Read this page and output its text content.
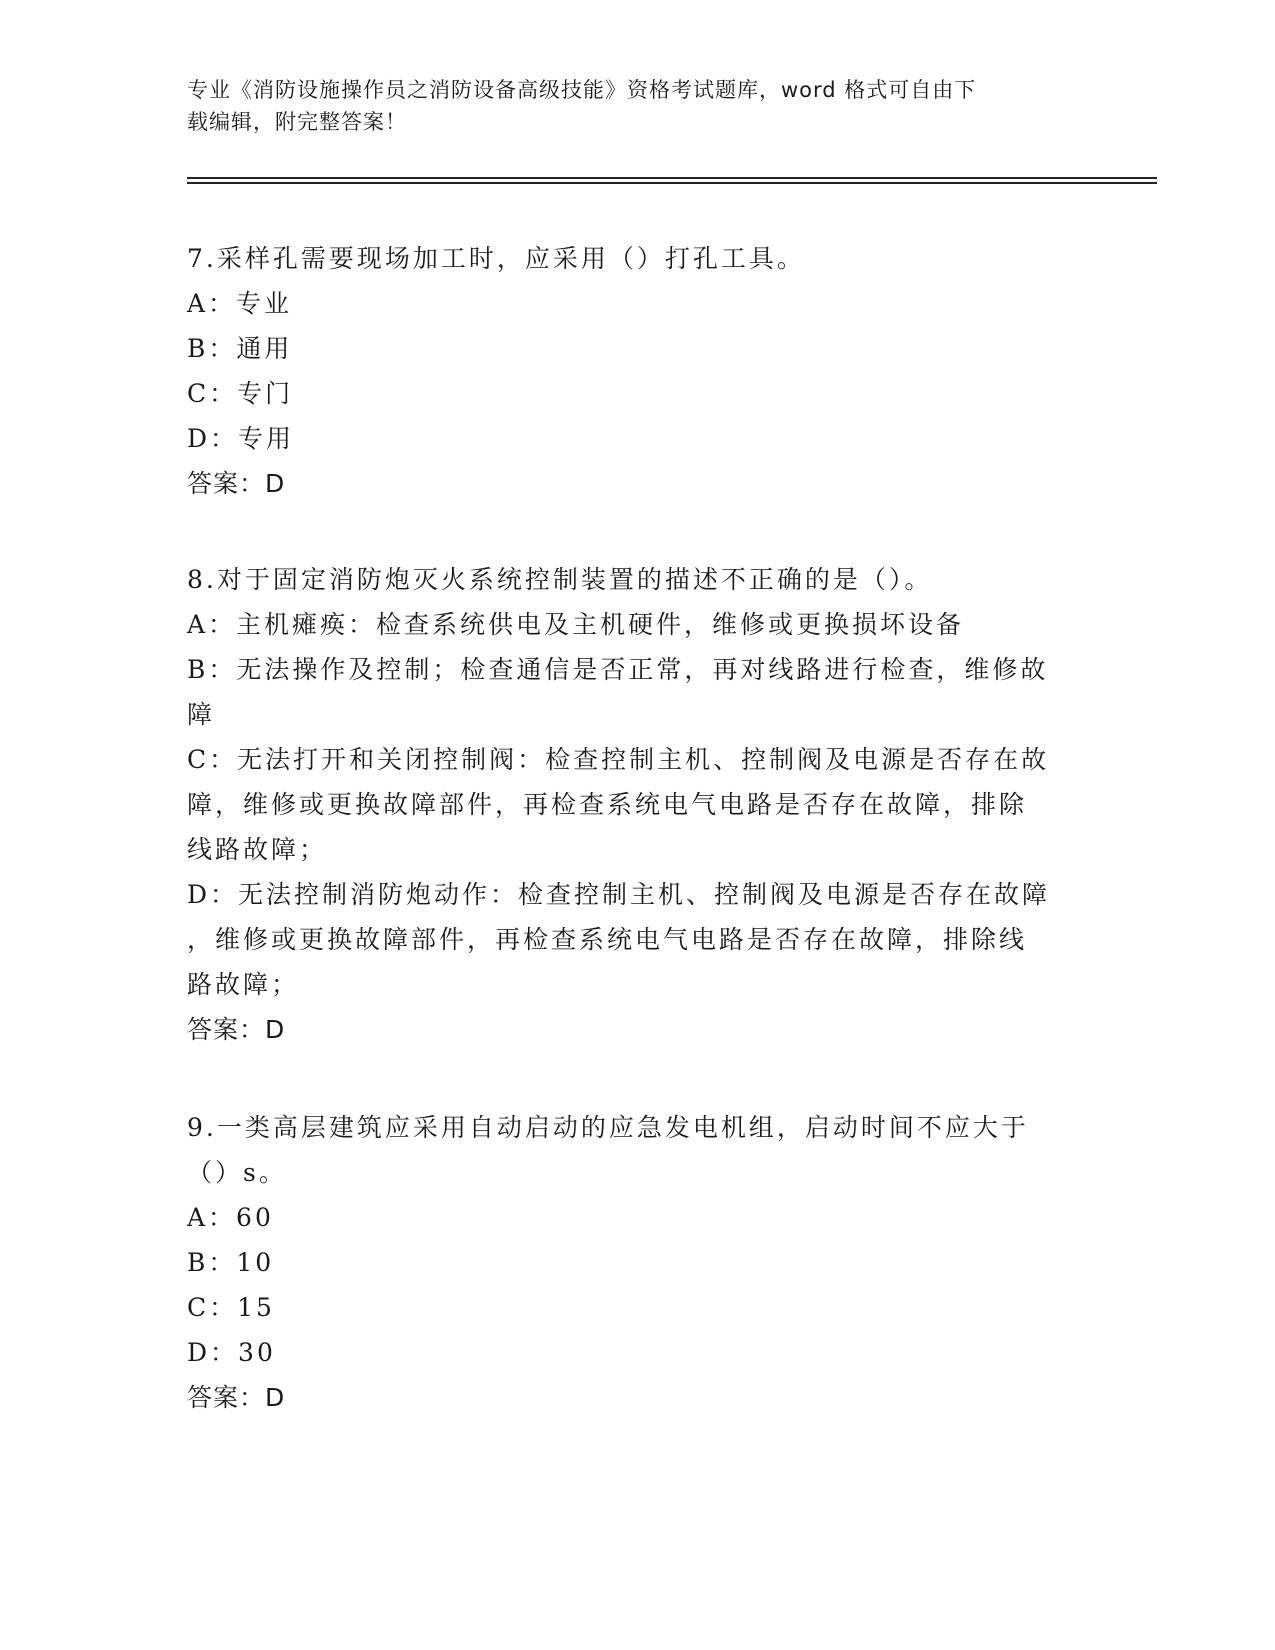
专业《消防设施操作员之消防设备高级技能》资格考试题库，word 格式可自由下
载编辑，附完整答案！
7.采样孔需要现场加工时，应采用（）打孔工具。
A：专业
B：通用
C：专门
D：专用
答案：D
8.对于固定消防炮灭火系统控制装置的描述不正确的是（）。
A：主机瘫痪：检查系统供电及主机硬件，维修或更换损坏设备
B：无法操作及控制；检查通信是否正常，再对线路进行检查，维修故
障
C：无法打开和关闭控制阀：检查控制主机、控制阀及电源是否存在故
障，维修或更换故障部件，再检查系统电气电路是否存在故障，排除
线路故障；
D：无法控制消防炮动作：检查控制主机、控制阀及电源是否存在故障
，维修或更换故障部件，再检查系统电气电路是否存在故障，排除线
路故障；
答案：D
9.一类高层建筑应采用自动启动的应急发电机组，启动时间不应大于
（）s。
A：60
B：10
C：15
D：30
答案：D
